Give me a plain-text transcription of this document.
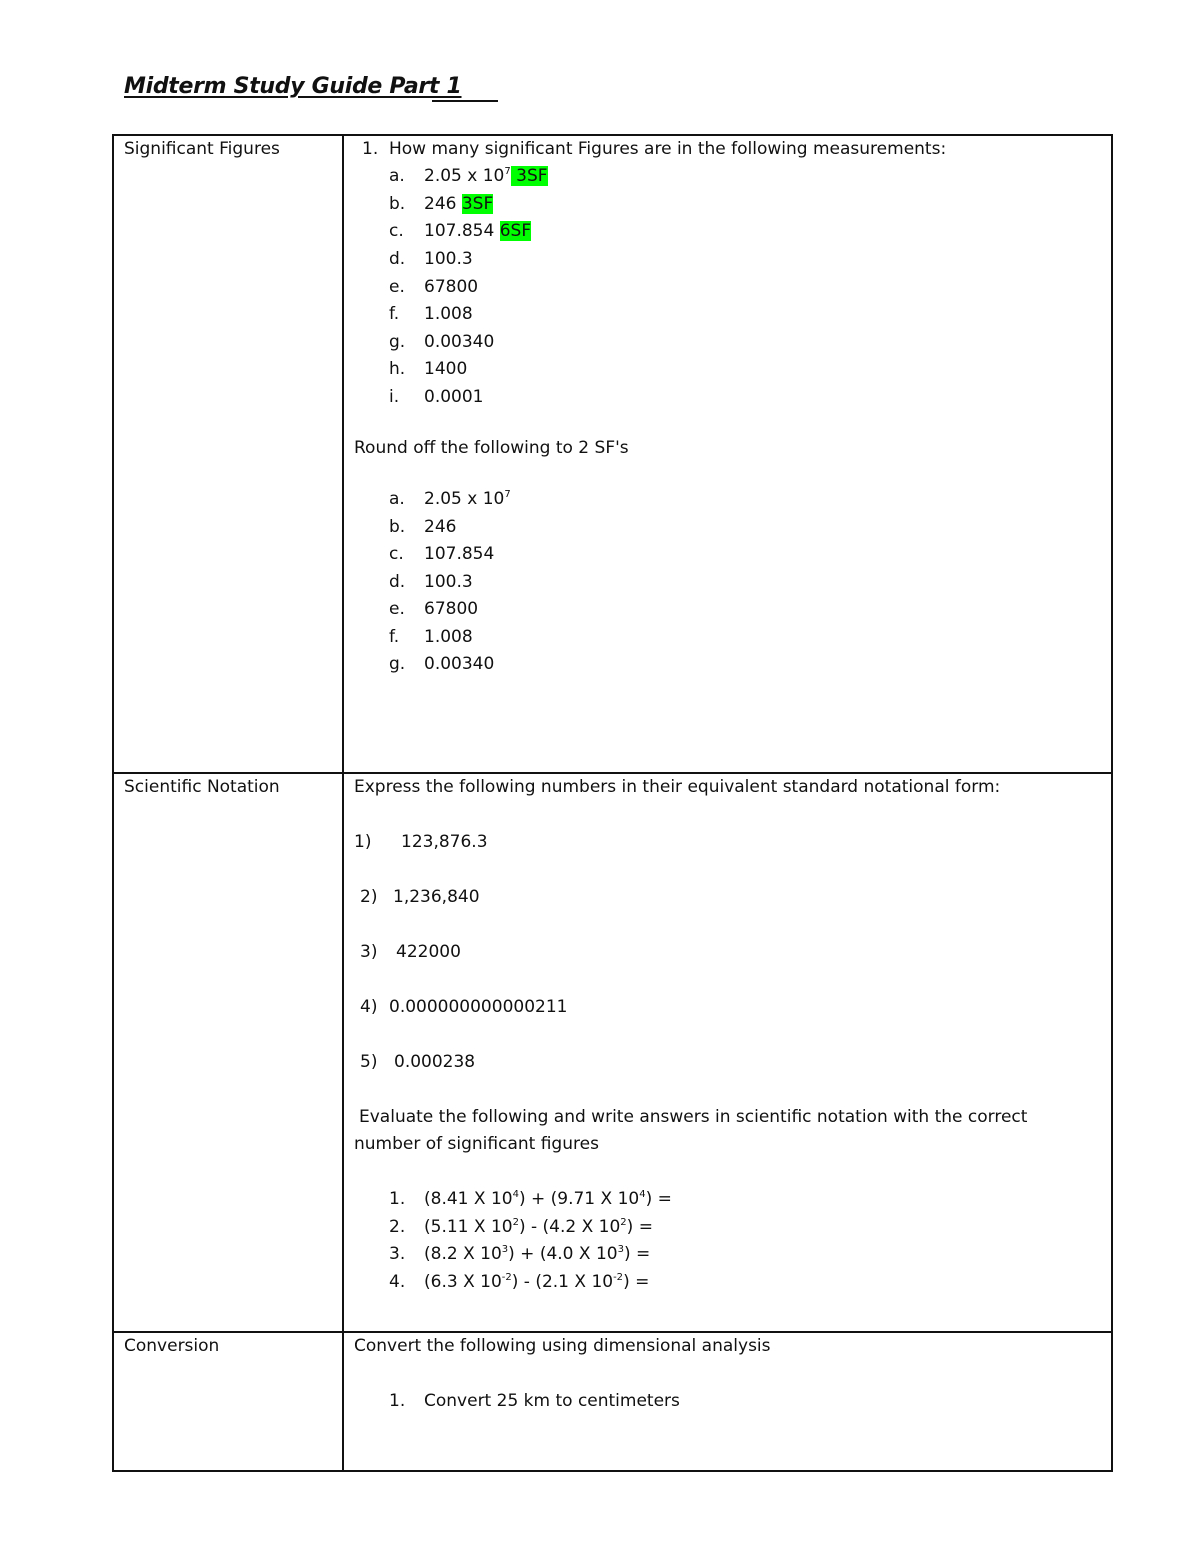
Midterm Study Guide Part 1
Significant Figures	1. How many significant Figures are in the following measurements:
a. 2.05 x $10^7$ 3SF
b. 246 3SF
c. 107.854 6SF
d. 100.3
e. 67800
f. 1.008
g. 0.00340
h. 1400
i. 0.0001
Round off the following to 2 SF's
a. 2.05 x $10^7$
b. 246
c. 107.854
d. 100.3
e. 67800
f. 1.008
g. 0.00340
Scientific Notation	Express the following numbers in their equivalent standard notational form:
1) 123,876.3
2) 1,236,840
3) 422000
4) 0.000000000000211
5) 0.000238
Evaluate the following and write answers in scientific notation with the correct
number of significant figures
1. (8.41 X $10^4) + (9.71$ X $10^4$) =
2. (5.11 X $10^2) - (4.2$ X $10^2$) =
3. (8.2 X $10^3) + (4.0$ X $10^3$) =
4. (6.3 X $10^{-2}) - (2.1$ X $10^{-2}$) =
Conversion	Convert the following using dimensional analysis
1. Convert 25 km to centimeters
